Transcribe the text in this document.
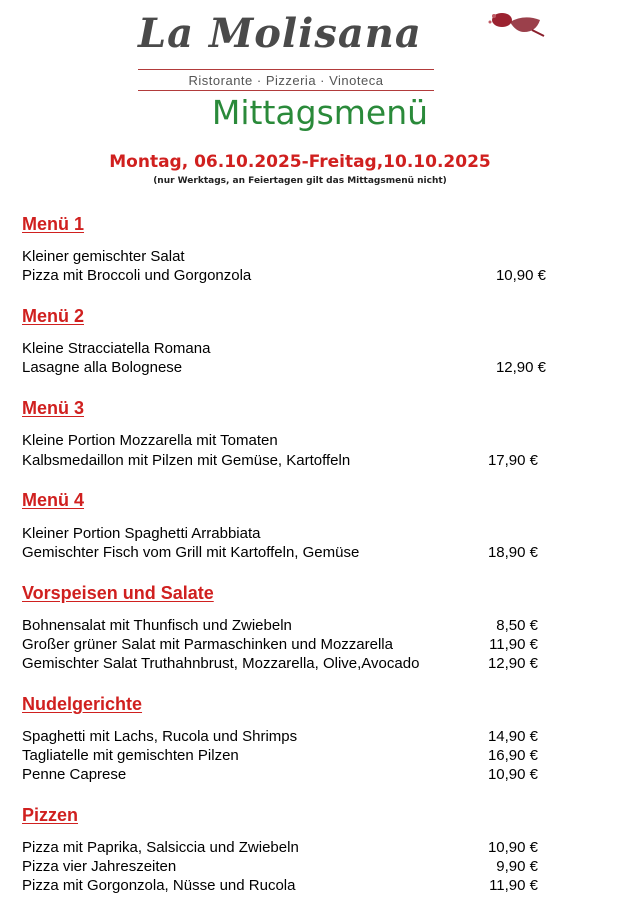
La Molisana
Ristorante · Pizzeria · Vinoteca
Mittagsmenü
Montag, 06.10.2025-Freitag,10.10.2025
(nur Werktags, an Feiertagen gilt das Mittagsmenü nicht)
Menü 1
Kleiner gemischter Salat
Pizza mit Broccoli und Gorgonzola	10,90 €
Menü 2
Kleine Stracciatella Romana
Lasagne alla Bolognese	12,90 €
Menü 3
Kleine Portion Mozzarella mit Tomaten
Kalbsmedaillon mit Pilzen mit Gemüse, Kartoffeln	17,90 €
Menü 4
Kleiner Portion Spaghetti Arrabbiata
Gemischter Fisch vom Grill mit Kartoffeln, Gemüse	18,90 €
Vorspeisen und Salate
Bohnensalat mit Thunfisch und Zwiebeln	8,50 €
Großer grüner Salat mit Parmaschinken und Mozzarella	11,90 €
Gemischter Salat Truthahnbrust, Mozzarella, Olive,Avocado	12,90 €
Nudelgerichte
Spaghetti mit Lachs, Rucola und Shrimps	14,90 €
Tagliatelle mit gemischten Pilzen	16,90 €
Penne Caprese	10,90 €
Pizzen
Pizza mit Paprika, Salsiccia und Zwiebeln	10,90 €
Pizza vier Jahreszeiten	9,90 €
Pizza mit Gorgonzola, Nüsse und Rucola	11,90 €
